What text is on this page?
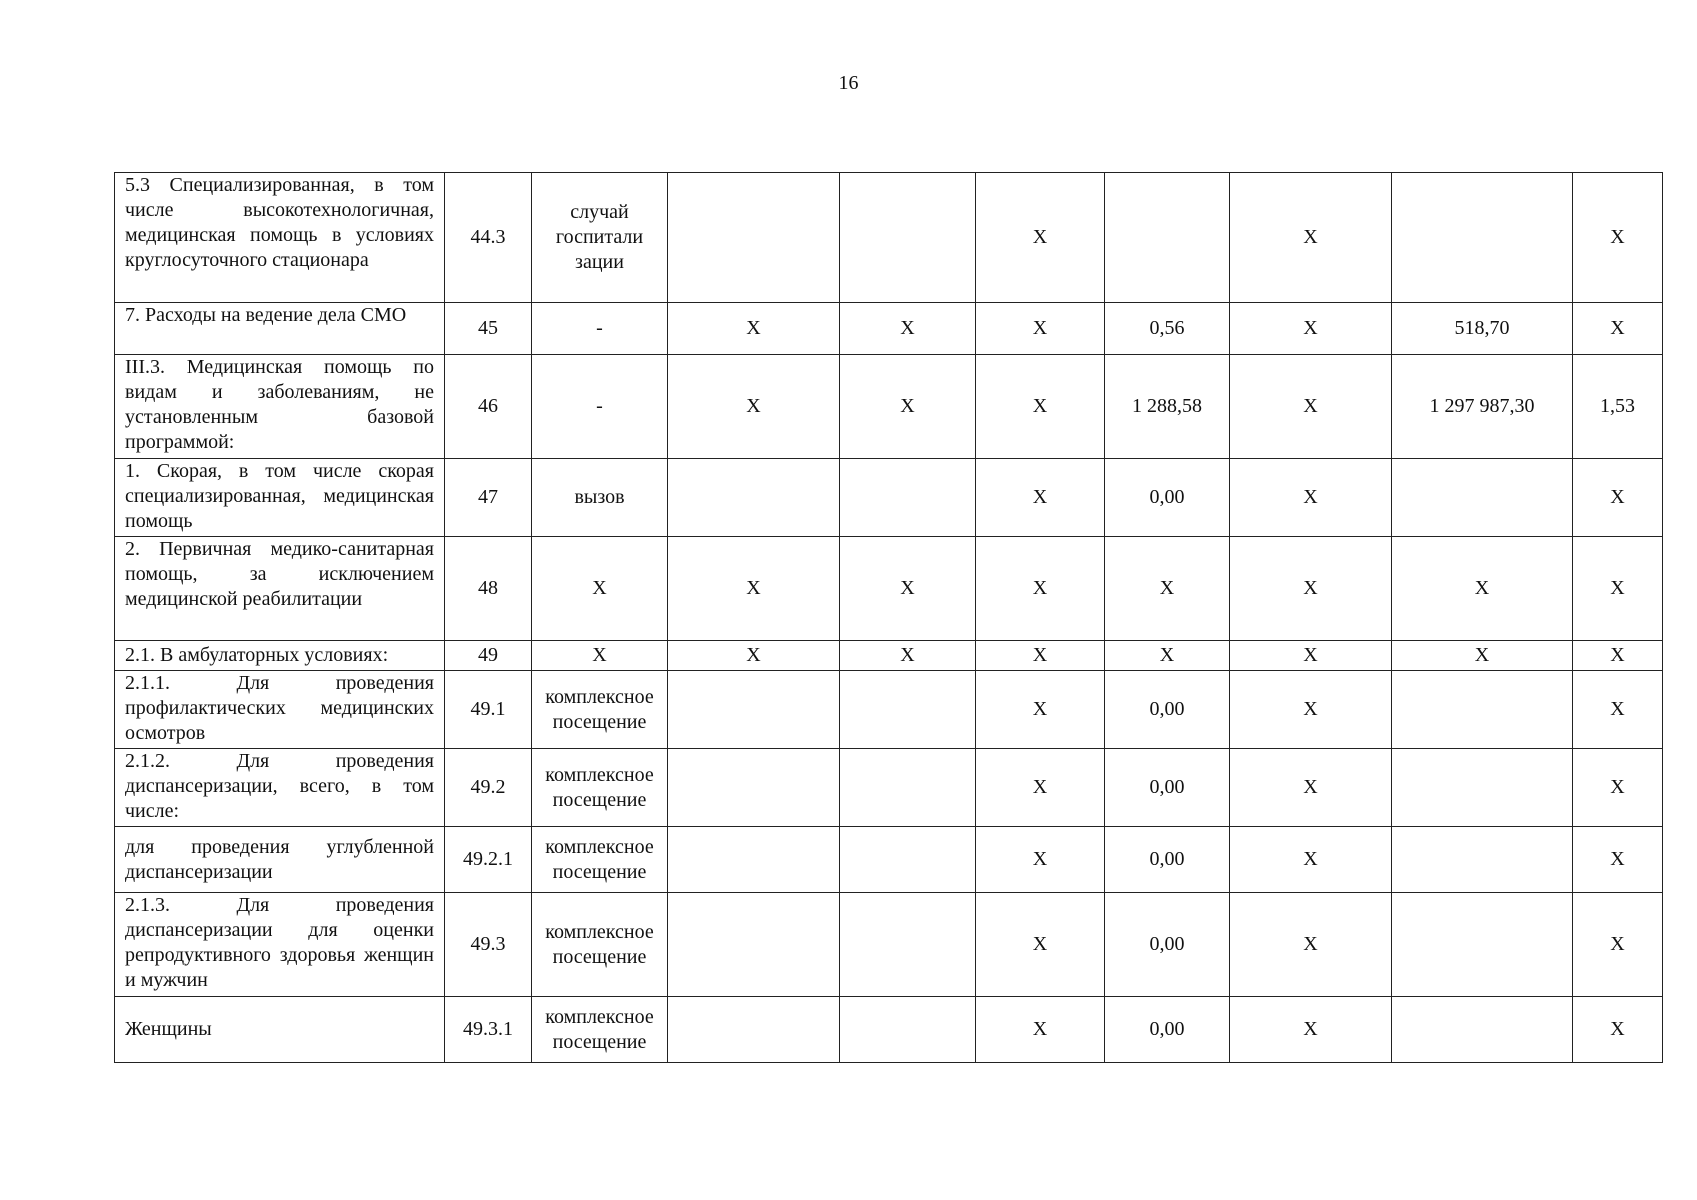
16
5.3 Специализированная, в том числе высокотехнологичная, медицинская помощь в условиях круглосуточного стационара	44.3	случай госпитали зации			X		X		X
7. Расходы на ведение дела СМО	45	-	X	X	X	0,56	X	518,70	X
III.3. Медицинская помощь по видам и заболеваниям, не установленным базовой программой:	46	-	X	X	X	1 288,58	X	1 297 987,30	1,53
1. Скорая, в том числе скорая специализированная, медицинская помощь	47	вызов			X	0,00	X		X
2. Первичная медико-санитарная помощь, за исключением медицинской реабилитации	48	X	X	X	X	X	X	X	X
2.1. В амбулаторных условиях:	49	X	X	X	X	X	X	X	X
2.1.1. Для проведения профилактических медицинских осмотров	49.1	комплексное посещение			X	0,00	X		X
2.1.2. Для проведения диспансеризации, всего, в том числе:	49.2	комплексное посещение			X	0,00	X		X
для проведения углубленной диспансеризации	49.2.1	комплексное посещение			X	0,00	X		X
2.1.3. Для проведения диспансеризации для оценки репродуктивного здоровья женщин и мужчин	49.3	комплексное посещение			X	0,00	X		X
Женщины	49.3.1	комплексное посещение			X	0,00	X		X
